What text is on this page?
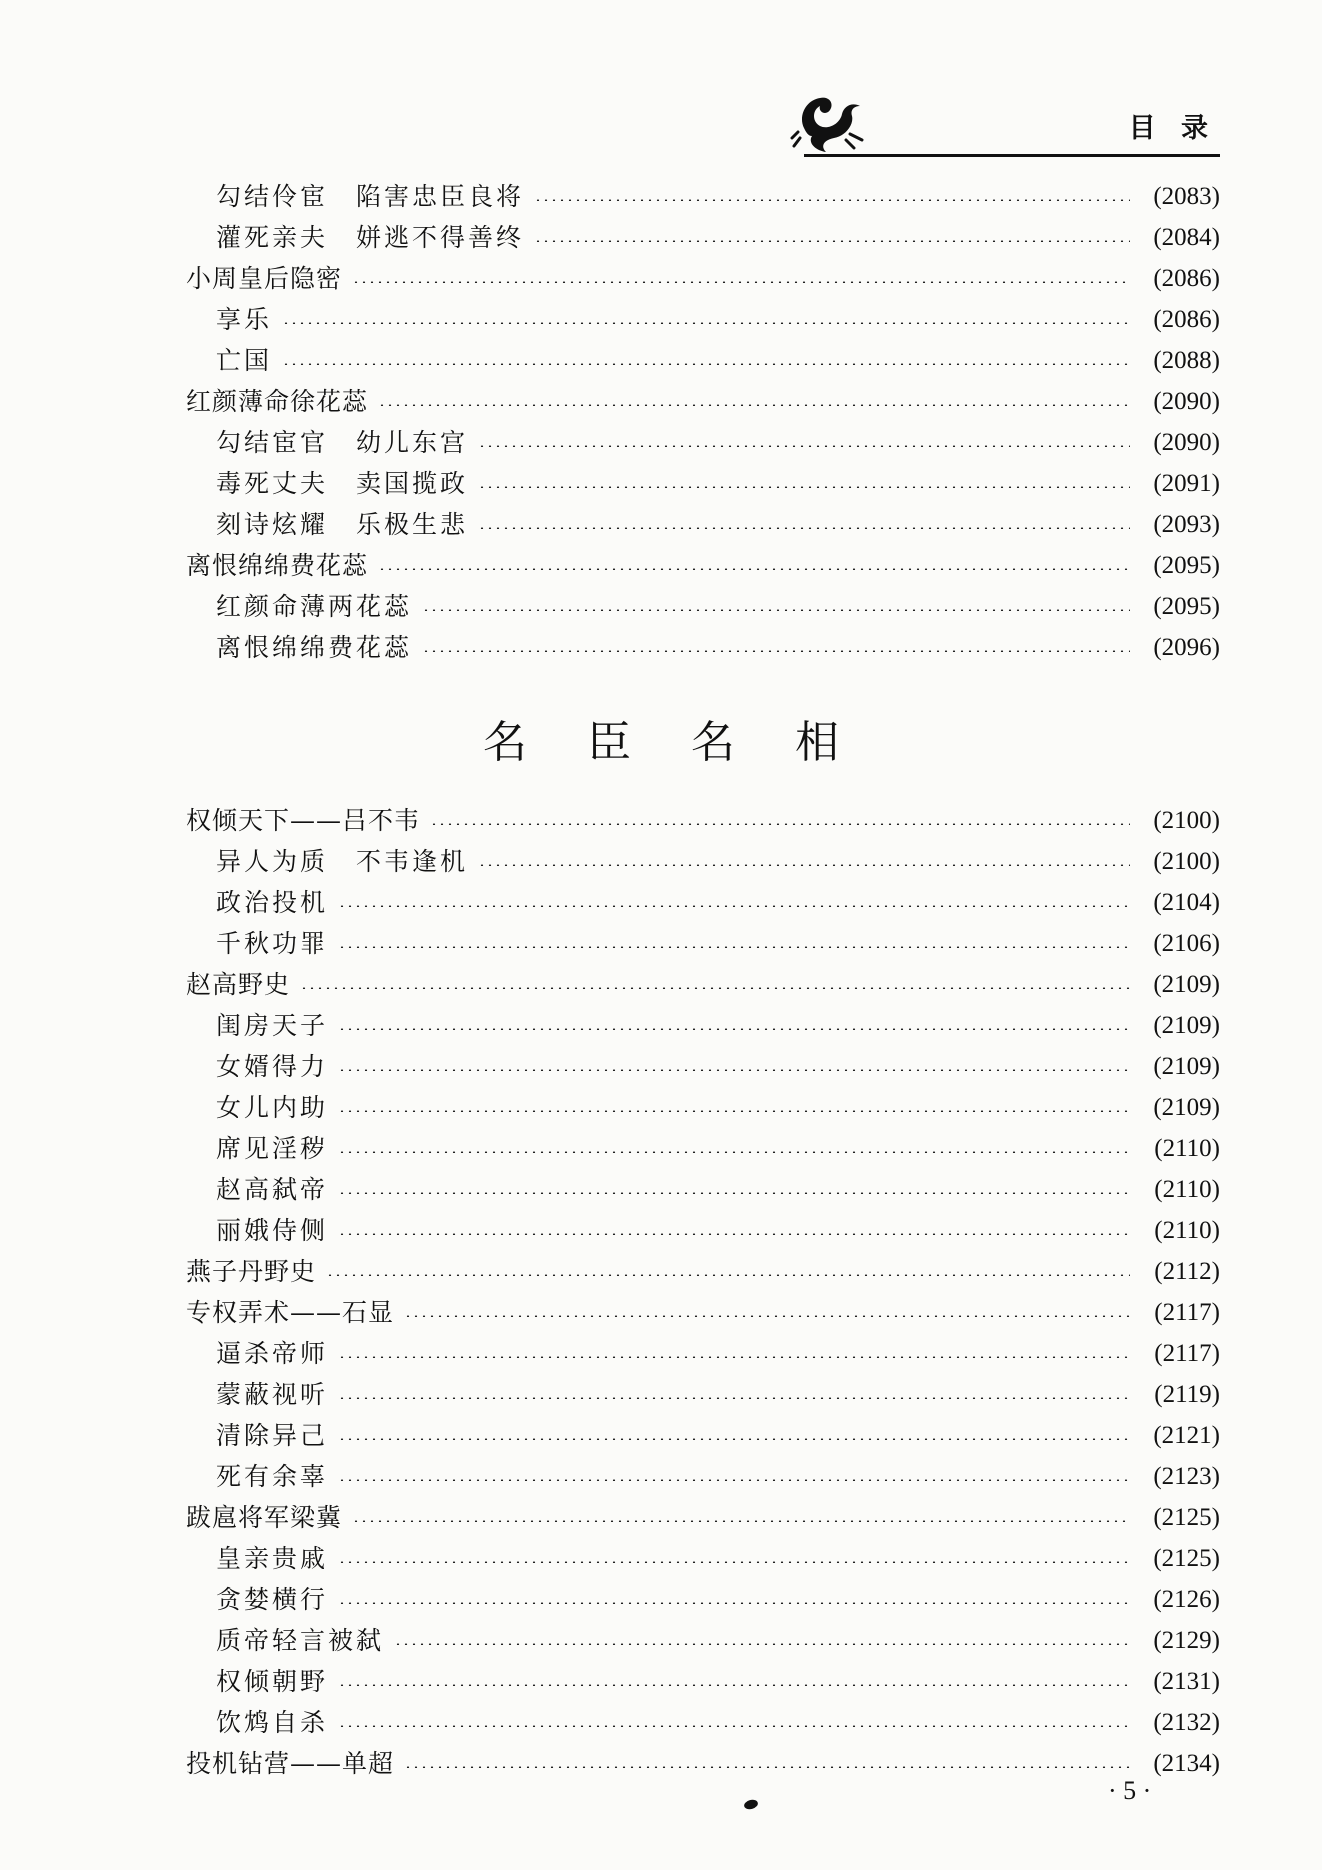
目 录
勾结伶宦　陷害忠臣良将	(2083)
灌死亲夫　姘逃不得善终	(2084)
小周皇后隐密	(2086)
享乐	(2086)
亡国	(2088)
红颜薄命徐花蕊	(2090)
勾结宦官　幼儿东宫	(2090)
毒死丈夫　卖国揽政	(2091)
刻诗炫耀　乐极生悲	(2093)
离恨绵绵费花蕊	(2095)
红颜命薄两花蕊	(2095)
离恨绵绵费花蕊	(2096)
名臣名相
权倾天下——吕不韦	(2100)
异人为质　不韦逢机	(2100)
政治投机	(2104)
千秋功罪	(2106)
赵高野史	(2109)
闺房天子	(2109)
女婿得力	(2109)
女儿内助	(2109)
席见淫秽	(2110)
赵高弑帝	(2110)
丽娥侍侧	(2110)
燕子丹野史	(2112)
专权弄术——石显	(2117)
逼杀帝师	(2117)
蒙蔽视听	(2119)
清除异己	(2121)
死有余辜	(2123)
跋扈将军梁冀	(2125)
皇亲贵戚	(2125)
贪婪横行	(2126)
质帝轻言被弑	(2129)
权倾朝野	(2131)
饮鸩自杀	(2132)
投机钻营——单超	(2134)
· 5 ·
